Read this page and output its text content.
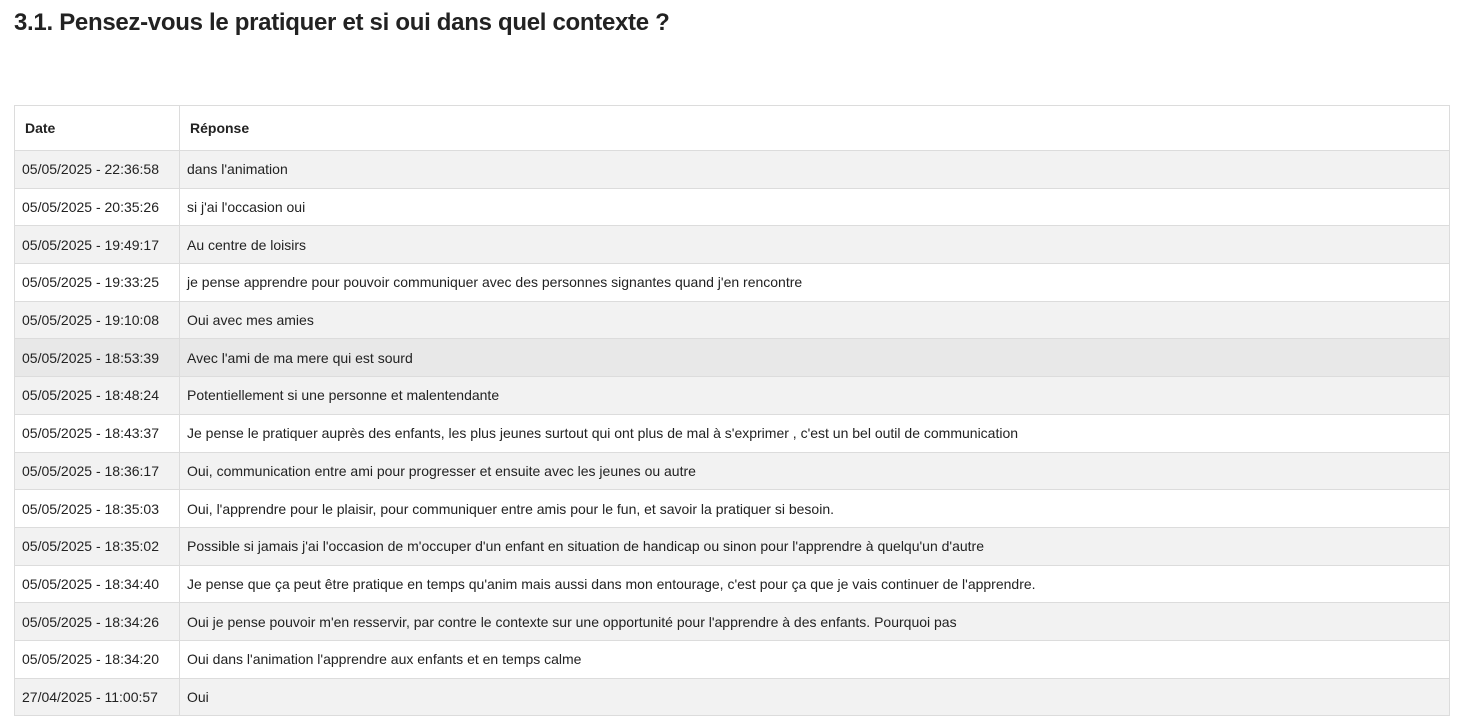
3.1. Pensez-vous le pratiquer et si oui dans quel contexte ?
Date	Réponse
05/05/2025 - 22:36:58	dans l'animation
05/05/2025 - 20:35:26	si j'ai l'occasion oui
05/05/2025 - 19:49:17	Au centre de loisirs
05/05/2025 - 19:33:25	je pense apprendre pour pouvoir communiquer avec des personnes signantes quand j'en rencontre
05/05/2025 - 19:10:08	Oui avec mes amies
05/05/2025 - 18:53:39	Avec l'ami de ma mere qui est sourd
05/05/2025 - 18:48:24	Potentiellement si une personne et malentendante
05/05/2025 - 18:43:37	Je pense le pratiquer auprès des enfants, les plus jeunes surtout qui ont plus de mal à s'exprimer , c'est un bel outil de communication
05/05/2025 - 18:36:17	Oui, communication entre ami pour progresser et ensuite avec les jeunes ou autre
05/05/2025 - 18:35:03	Oui, l'apprendre pour le plaisir, pour communiquer entre amis pour le fun, et savoir la pratiquer si besoin.
05/05/2025 - 18:35:02	Possible si jamais j'ai l'occasion de m'occuper d'un enfant en situation de handicap ou sinon pour l'apprendre à quelqu'un d'autre
05/05/2025 - 18:34:40	Je pense que ça peut être pratique en temps qu'anim mais aussi dans mon entourage, c'est pour ça que je vais continuer de l'apprendre.
05/05/2025 - 18:34:26	Oui je pense pouvoir m'en resservir, par contre le contexte sur une opportunité pour l'apprendre à des enfants. Pourquoi pas
05/05/2025 - 18:34:20	Oui dans l'animation l'apprendre aux enfants et en temps calme
27/04/2025 - 11:00:57	Oui
